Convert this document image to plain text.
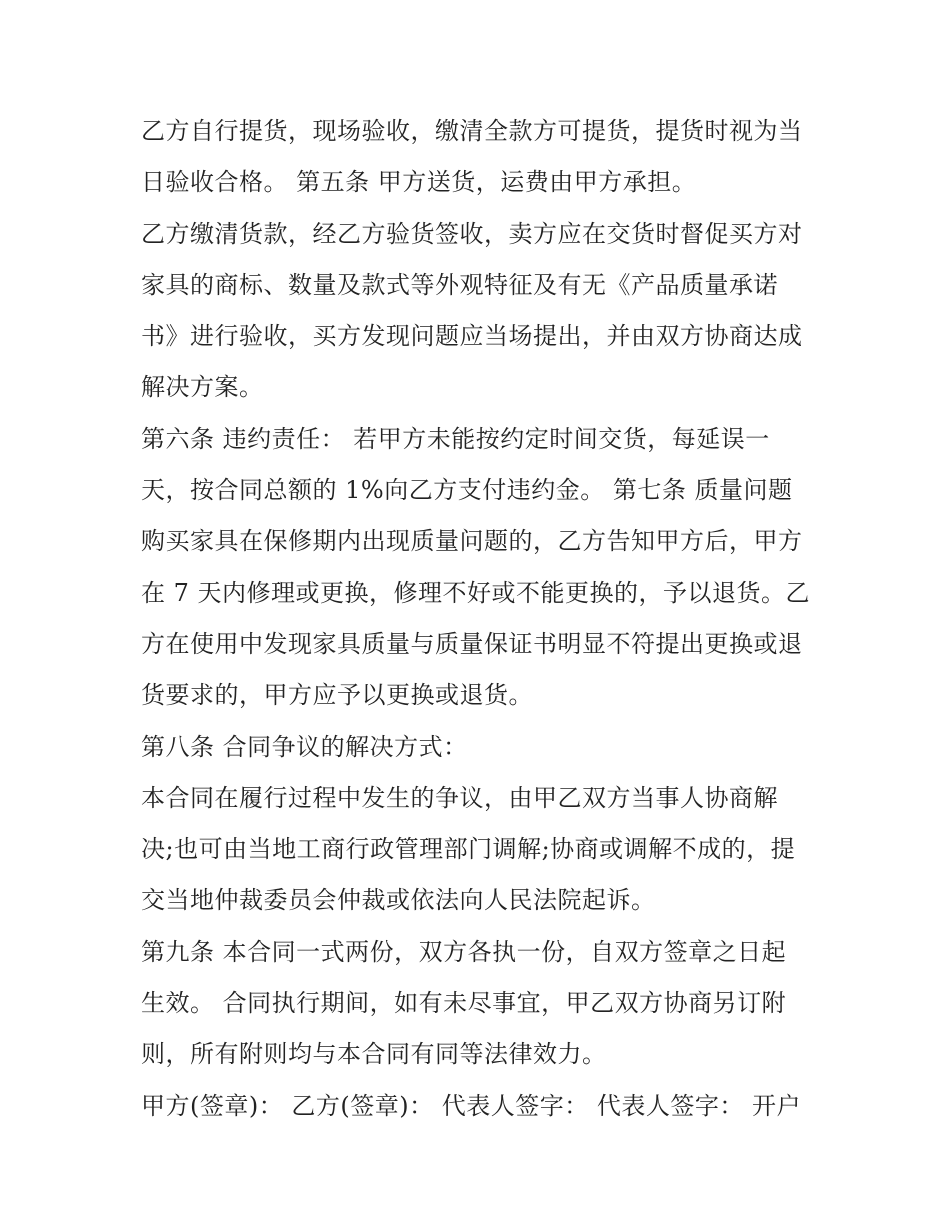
乙方自行提货，现场验收，缴清全款方可提货，提货时视为当
日验收合格。 第五条 甲方送货，运费由甲方承担。
乙方缴清货款，经乙方验货签收，卖方应在交货时督促买方对
家具的商标、数量及款式等外观特征及有无《产品质量承诺
书》进行验收，买方发现问题应当场提出，并由双方协商达成
解决方案。
第六条 违约责任： 若甲方未能按约定时间交货，每延误一
天，按合同总额的 1%向乙方支付违约金。 第七条 质量问题
购买家具在保修期内出现质量问题的，乙方告知甲方后，甲方
在 7 天内修理或更换，修理不好或不能更换的，予以退货。乙
方在使用中发现家具质量与质量保证书明显不符提出更换或退
货要求的，甲方应予以更换或退货。
第八条 合同争议的解决方式：
本合同在履行过程中发生的争议，由甲乙双方当事人协商解
决;也可由当地工商行政管理部门调解;协商或调解不成的，提
交当地仲裁委员会仲裁或依法向人民法院起诉。
第九条 本合同一式两份，双方各执一份，自双方签章之日起
生效。 合同执行期间，如有未尽事宜，甲乙双方协商另订附
则，所有附则均与本合同有同等法律效力。
甲方(签章)： 乙方(签章)： 代表人签字： 代表人签字： 开户
